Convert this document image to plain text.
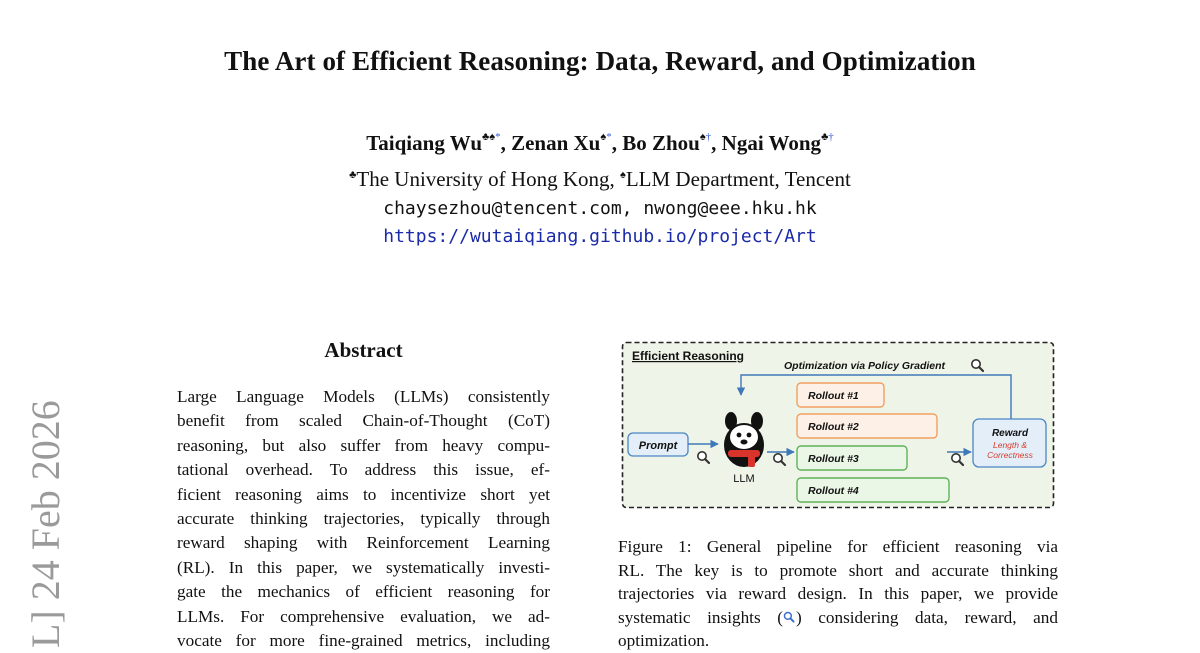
The Art of Efficient Reasoning: Data, Reward, and Optimization
Taiqiang Wu♣♠*, Zenan Xu♠*, Bo Zhou♠†, Ngai Wong♣†
♣The University of Hong Kong, ♠LLM Department, Tencent
chaysezhou@tencent.com, nwong@eee.hku.hk
https://wutaiqiang.github.io/project/Art
L] 24 Feb 2026
Abstract
Large Language Models (LLMs) consistently
benefit from scaled Chain-of-Thought (CoT)
reasoning, but also suffer from heavy compu-
tational overhead. To address this issue, ef-
ficient reasoning aims to incentivize short yet
accurate thinking trajectories, typically through
reward shaping with Reinforcement Learning
(RL). In this paper, we systematically investi-
gate the mechanics of efficient reasoning for
LLMs. For comprehensive evaluation, we ad-
vocate for more fine-grained metrics, including
Efficient Reasoning
Optimization via Policy Gradient
Prompt
LLM
Rollout #1
Rollout #2
Rollout #3
Rollout #4
Reward
Length &
Correctness
Figure 1: General pipeline for efficient reasoning via
RL. The key is to promote short and accurate thinking
trajectories via reward design. In this paper, we provide
systematic insights ( ) considering data, reward, and
optimization.
